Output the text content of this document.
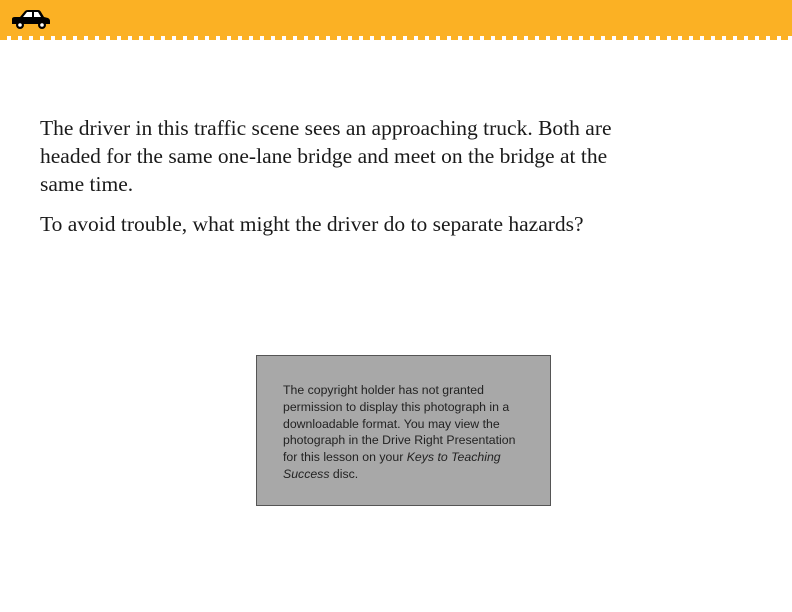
The driver in this traffic scene sees an approaching truck. Both are headed for the same one-lane bridge and meet on the bridge at the same time.

To avoid trouble, what might the driver do to separate hazards?

The copyright holder has not granted permission to display this photograph in a downloadable format. You may view the photograph in the Drive Right Presentation for this lesson on your Keys to Teaching Success disc.
